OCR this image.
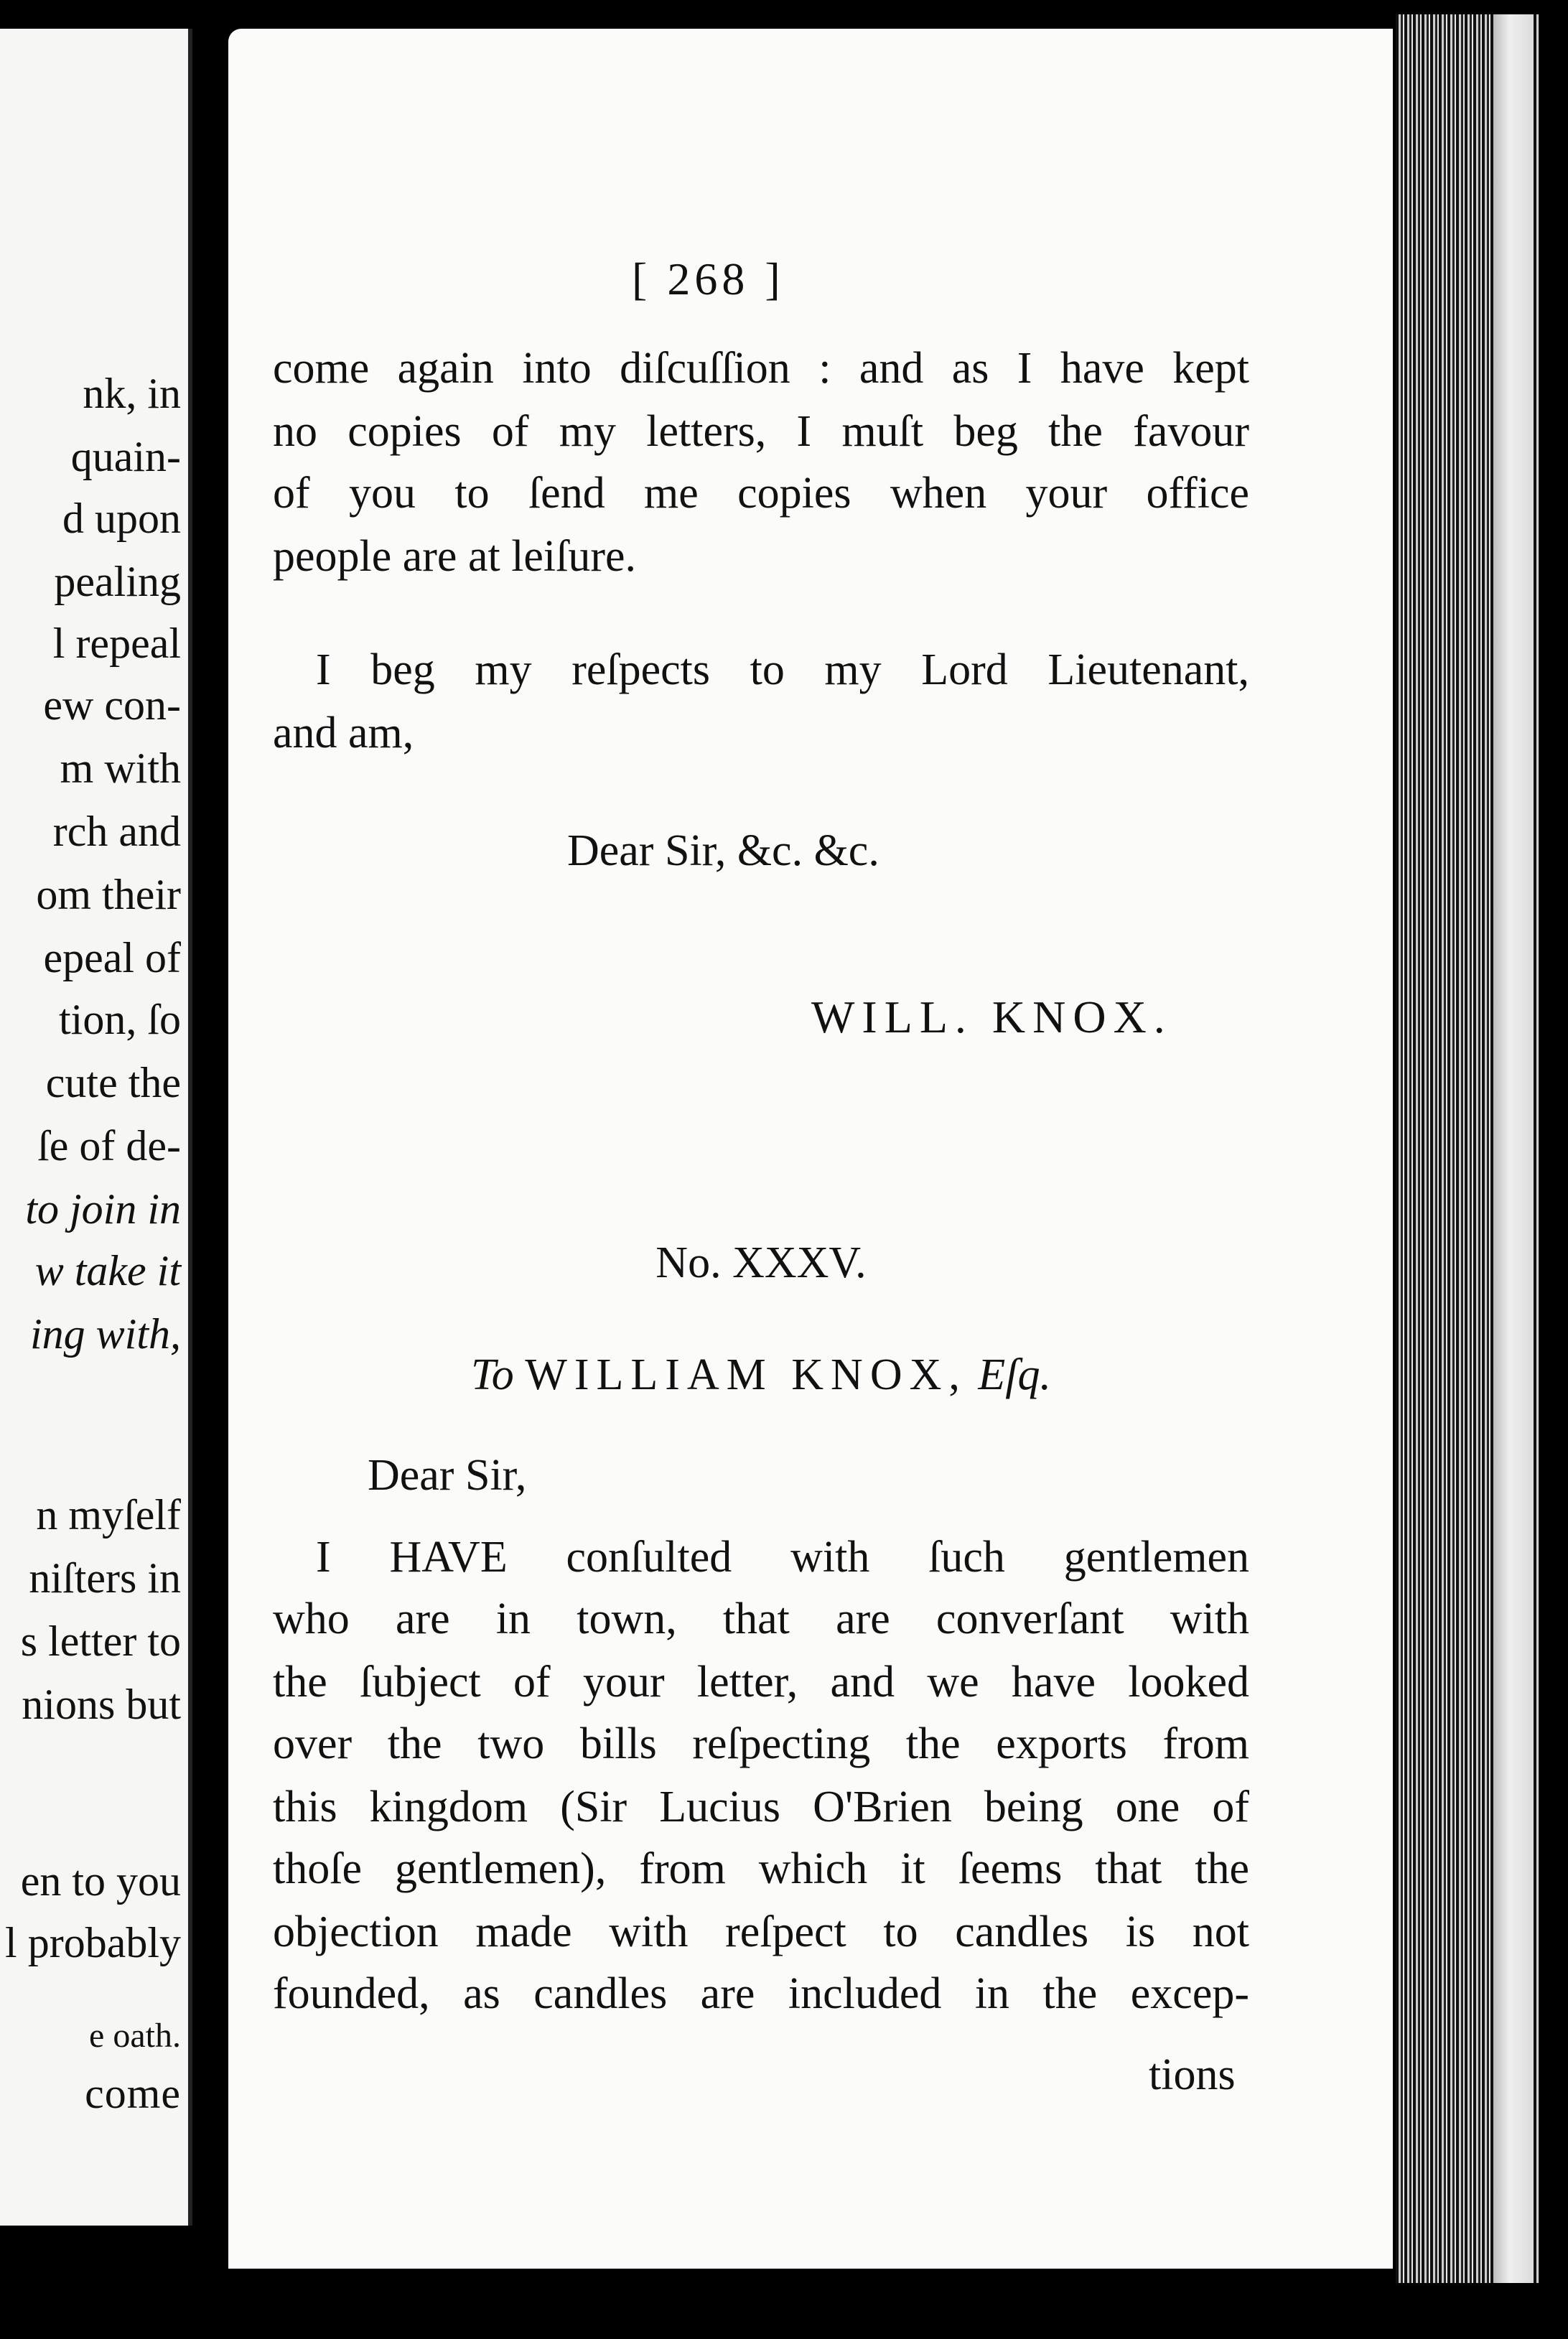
nk, in
quain-
d upon
pealing
l repeal
ew con-
m with
rch and
om their
epeal of
tion, ſo
cute the
ſe of de-
to join in
w take it
ing with,
n myſelf
niſters in
s letter to
nions but
en to you
l probably
e oath.
come
[ 268 ]
come again into diſcuſſion : and as I have kept
no copies of my letters, I muſt beg the favour
of you to ſend me copies when your office
people are at leiſure.
I beg my reſpects to my Lord Lieutenant,
and am,
Dear Sir, &c. &c.
WILL. KNOX.
No. XXXV.
To WILLIAM KNOX, Eſq.
Dear Sir,
I HAVE conſulted with ſuch gentlemen
who are in town, that are converſant with
the ſubject of your letter, and we have looked
over the two bills reſpecting the exports from
this kingdom (Sir Lucius O'Brien being one of
thoſe gentlemen), from which it ſeems that the
objection made with reſpect to candles is not
founded, as candles are included in the excep-
tions
